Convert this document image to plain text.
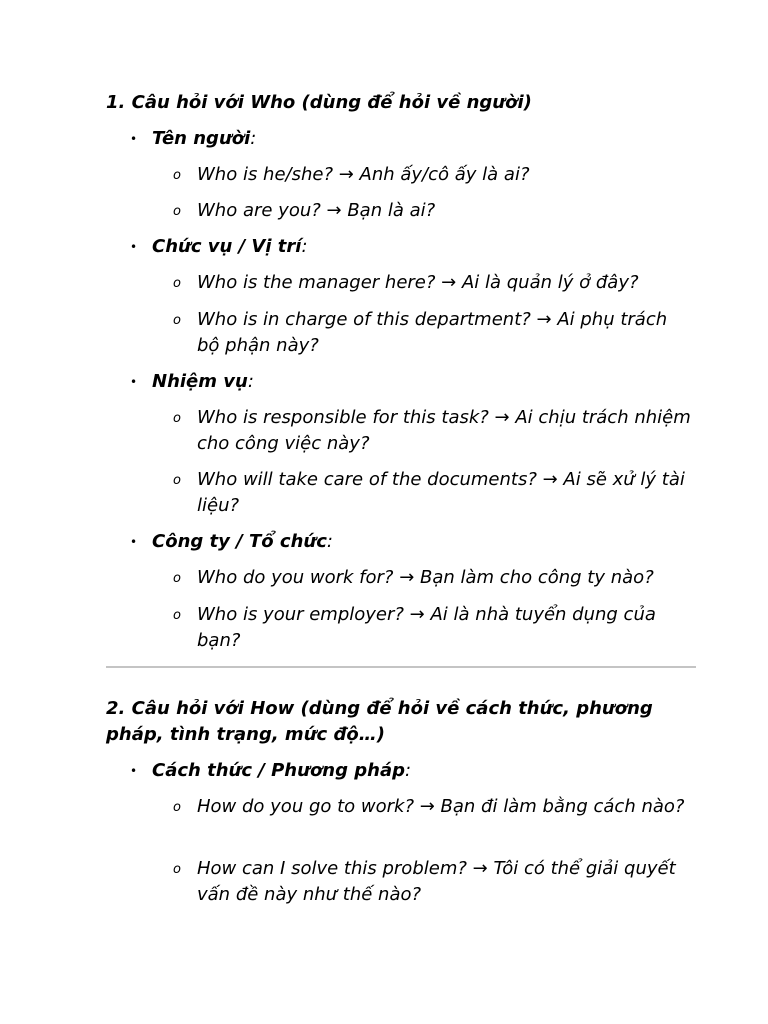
1. Câu hỏi với Who (dùng để hỏi về người)
• Tên người:
o Who is he/she? → Anh ấy/cô ấy là ai?
o Who are you? → Bạn là ai?
• Chức vụ / Vị trí:
o Who is the manager here? → Ai là quản lý ở đây?
o Who is in charge of this department? → Ai phụ trách bộ phận này?
• Nhiệm vụ:
o Who is responsible for this task? → Ai chịu trách nhiệm cho công việc này?
o Who will take care of the documents? → Ai sẽ xử lý tài liệu?
• Công ty / Tổ chức:
o Who do you work for? → Bạn làm cho công ty nào?
o Who is your employer? → Ai là nhà tuyển dụng của bạn?
2. Câu hỏi với How (dùng để hỏi về cách thức, phương pháp, tình trạng, mức độ…)
• Cách thức / Phương pháp:
o How do you go to work? → Bạn đi làm bằng cách nào?
o How can I solve this problem? → Tôi có thể giải quyết vấn đề này như thế nào?
